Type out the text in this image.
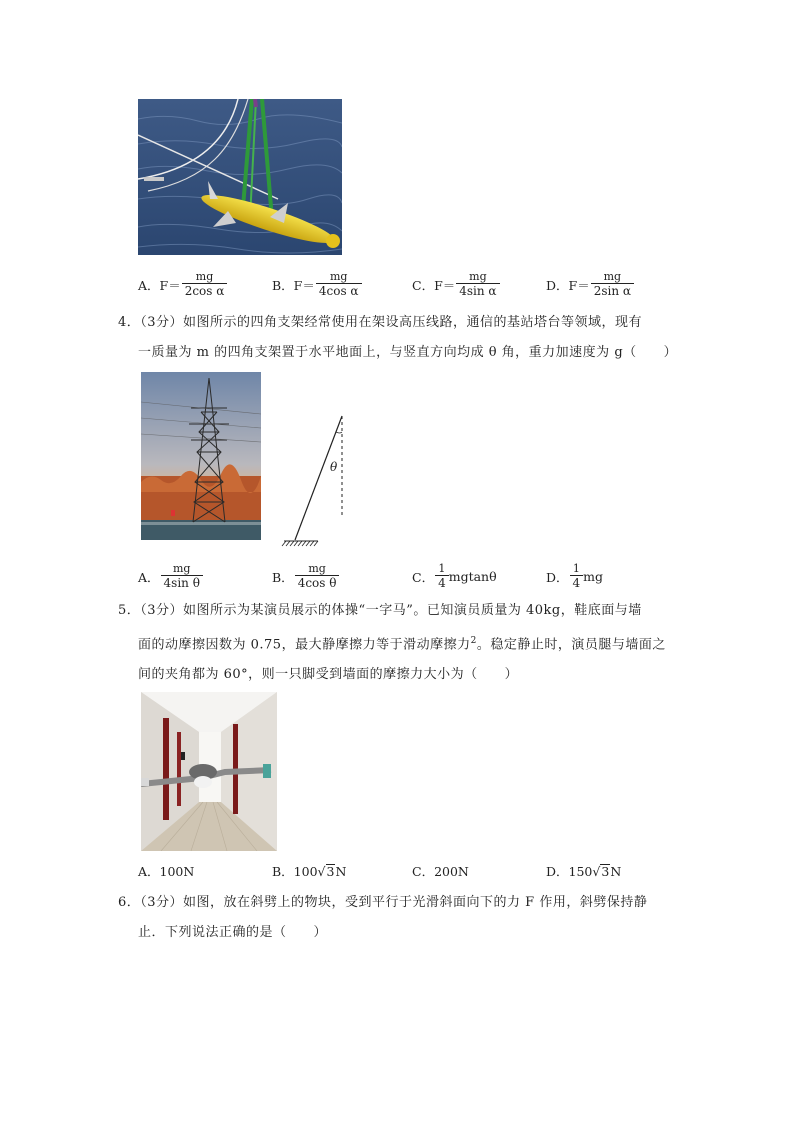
A．$F= \frac{mg}{\text{2cos α}}$	B．$F= \frac{mg}{\text{4cos α}}$	C．$F= \frac{mg}{\text{4sin α}}$	D．$F= \frac{mg}{\text{2sin α}}$
4．（3分）如图所示的四角支架经常使用在架设高压线路，通信的基站塔台等领域，现有
一质量为 m 的四角支架置于水平地面上，与竖直方向均成 θ 角，重力加速度为 g（　　）
θ
A． $\frac{mg}{\text{4sin θ}}$	B． $\frac{mg}{\text{4cos θ}}$	C． $\frac{1}{4}$ mgtanθ	D． $\frac{1}{4}$ mg
5．（3分）如图所示为某演员展示的体操“一字马”。已知演员质量为 40kg，鞋底面与墙
面的动摩擦因数为 0.75，最大静摩擦力等于滑动摩擦力$^2$。稳定静止时，演员腿与墙面之
间的夹角都为 60°，则一只脚受到墙面的摩擦力大小为（　　）
A．100N	B．100 √ 3 N	C．200N	D．150 √ 3 N
6．（3分）如图，放在斜劈上的物块，受到平行于光滑斜面向下的力 F 作用，斜劈保持静
止．下列说法正确的是（　　）
